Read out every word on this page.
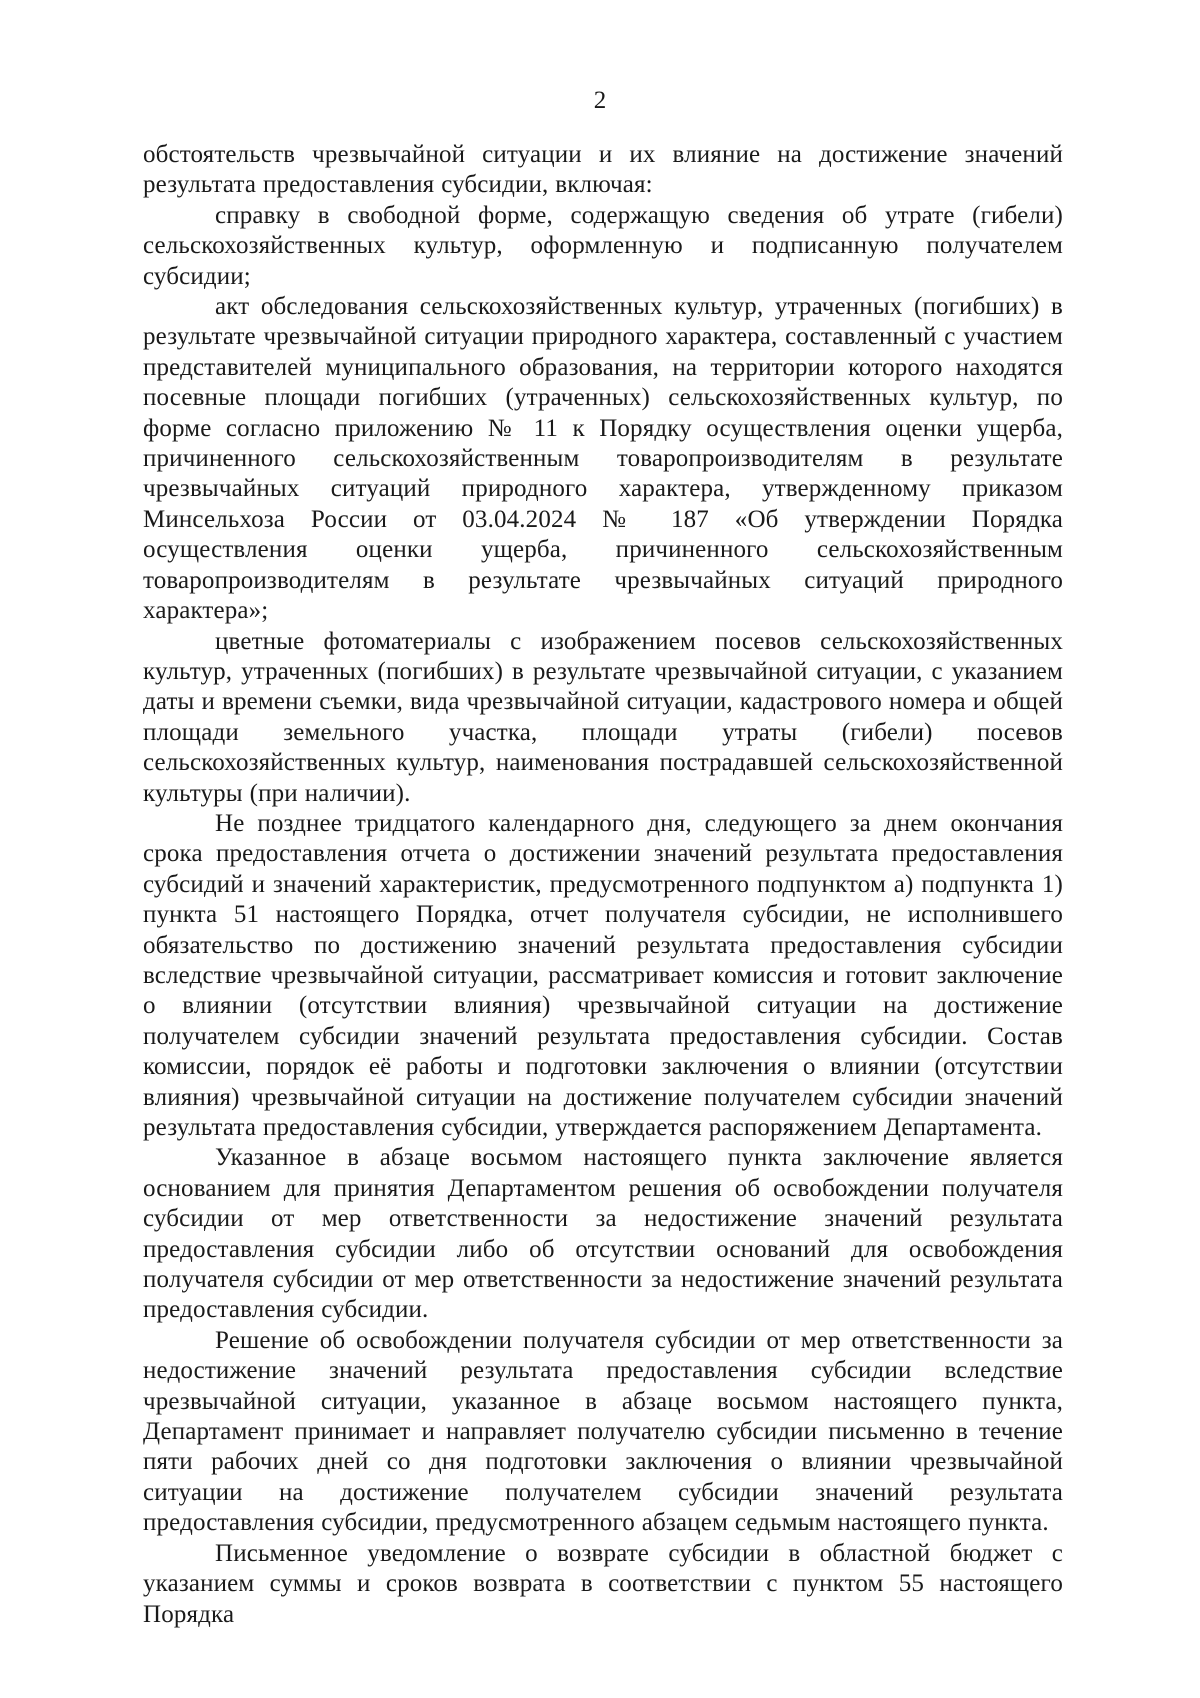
2

обстоятельств чрезвычайной ситуации и их влияние на достижение значений результата предоставления субсидии, включая:

справку в свободной форме, содержащую сведения об утрате (гибели) сельскохозяйственных культур, оформленную и подписанную получателем субсидии;

акт обследования сельскохозяйственных культур, утраченных (погибших) в результате чрезвычайной ситуации природного характера, составленный с участием представителей муниципального образования, на территории которого находятся посевные площади погибших (утраченных) сельскохозяйственных культур, по форме согласно приложению № 11 к Порядку осуществления оценки ущерба, причиненного сельскохозяйственным товаропроизводителям в результате чрезвычайных ситуаций природного характера, утвержденному приказом Минсельхоза России от 03.04.2024 № 187 «Об утверждении Порядка осуществления оценки ущерба, причиненного сельскохозяйственным товаропроизводителям в результате чрезвычайных ситуаций природного характера»;

цветные фотоматериалы с изображением посевов сельскохозяйственных культур, утраченных (погибших) в результате чрезвычайной ситуации, с указанием даты и времени съемки, вида чрезвычайной ситуации, кадастрового номера и общей площади земельного участка, площади утраты (гибели) посевов сельскохозяйственных культур, наименования пострадавшей сельскохозяйственной культуры (при наличии).

Не позднее тридцатого календарного дня, следующего за днем окончания срока предоставления отчета о достижении значений результата предоставления субсидий и значений характеристик, предусмотренного подпунктом а) подпункта 1) пункта 51 настоящего Порядка, отчет получателя субсидии, не исполнившего обязательство по достижению значений результата предоставления субсидии вследствие чрезвычайной ситуации, рассматривает комиссия и готовит заключение о влиянии (отсутствии влияния) чрезвычайной ситуации на достижение получателем субсидии значений результата предоставления субсидии. Состав комиссии, порядок её работы и подготовки заключения о влиянии (отсутствии влияния) чрезвычайной ситуации на достижение получателем субсидии значений результата предоставления субсидии, утверждается распоряжением Департамента.

Указанное в абзаце восьмом настоящего пункта заключение является основанием для принятия Департаментом решения об освобождении получателя субсидии от мер ответственности за недостижение значений результата предоставления субсидии либо об отсутствии оснований для освобождения получателя субсидии от мер ответственности за недостижение значений результата предоставления субсидии.

Решение об освобождении получателя субсидии от мер ответственности за недостижение значений результата предоставления субсидии вследствие чрезвычайной ситуации, указанное в абзаце восьмом настоящего пункта, Департамент принимает и направляет получателю субсидии письменно в течение пяти рабочих дней со дня подготовки заключения о влиянии чрезвычайной ситуации на достижение получателем субсидии значений результата предоставления субсидии, предусмотренного абзацем седьмым настоящего пункта.

Письменное уведомление о возврате субсидии в областной бюджет с указанием суммы и сроков возврата в соответствии с пунктом 55 настоящего Порядка
